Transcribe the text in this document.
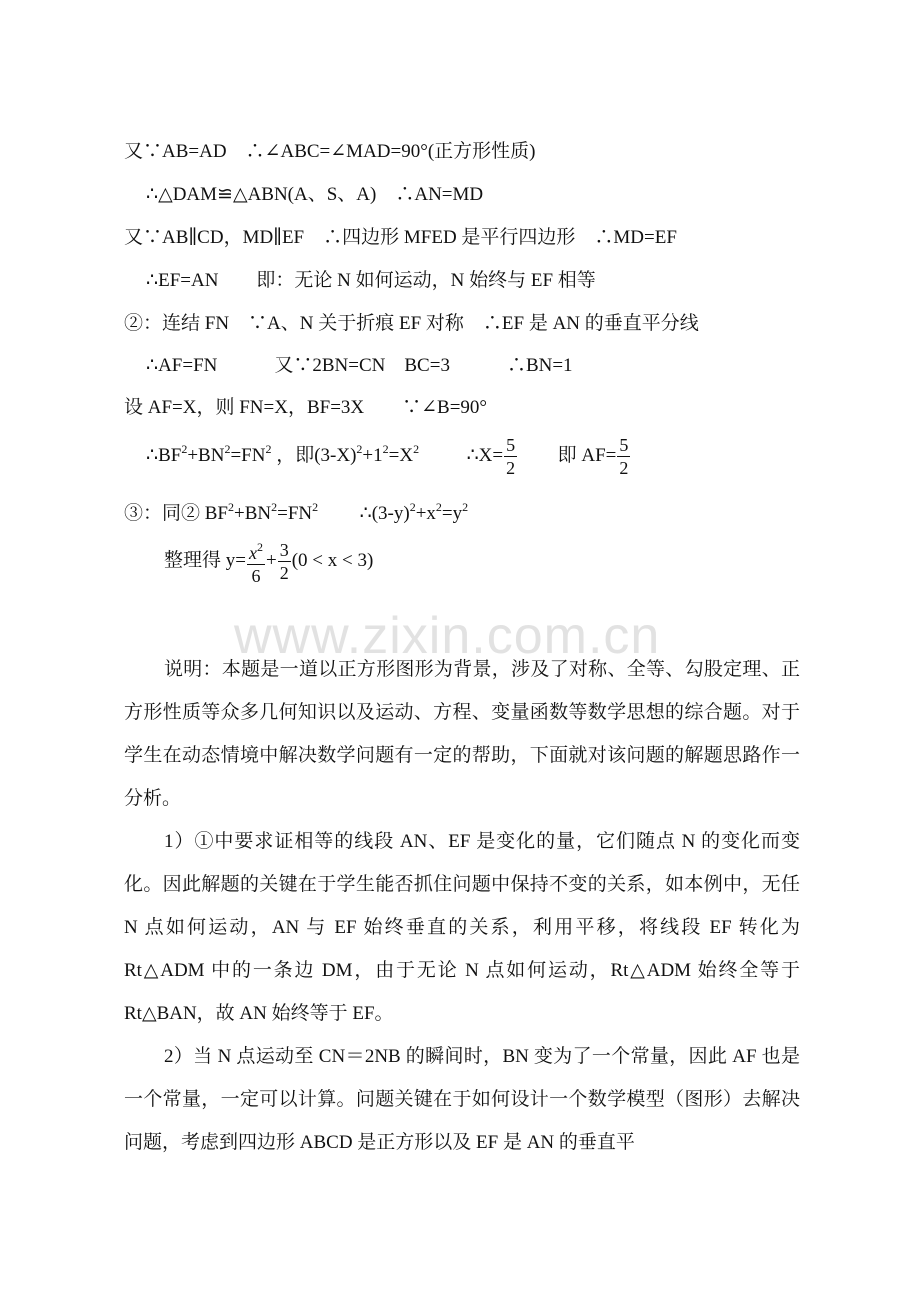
又∵AB=AD　∴∠ABC=∠MAD=90°(正方形性质)
∴△DAM≌△ABN(A、S、A)　∴AN=MD
又∵AB∥CD，MD∥EF　∴四边形 MFED 是平行四边形　∴MD=EF
∴EF=AN　　即：无论 N 如何运动，N 始终与 EF 相等
②：连结 FN　∵A、N 关于折痕 EF 对称　∴EF 是 AN 的垂直平分线
∴AF=FN　　　又∵2BN=CN　BC=3　　　∴BN=1
设 AF=X，则 FN=X，BF=3X　　∵∠B=90°
$\therefore BF^2+BN^2=FN^2$ ，即$(3-X)^2+1^2=X^2$	∴X= $\frac{5}{2}$ 即 $AF= \frac{5}{2}$
③：同② $BF^2+BN^2=FN^2$ $\therefore(3-y)^2+x^2=y^2$
整理得 $y= \frac{x^2}{6} + \frac{3}{2} (0 < x < 3)$
www.zixin.com.cn
说明：本题是一道以正方形图形为背景，涉及了对称、全等、勾股定理、正方形性质等众多几何知识以及运动、方程、变量函数等数学思想的综合题。对于学生在动态情境中解决数学问题有一定的帮助，下面就对该问题的解题思路作一分析。
1）①中要求证相等的线段 AN、EF 是变化的量，它们随点 N 的变化而变化。因此解题的关键在于学生能否抓住问题中保持不变的关系，如本例中，无任 N 点如何运动，AN 与 EF 始终垂直的关系，利用平移，将线段 EF 转化为 Rt△ADM 中的一条边 DM，由于无论 N 点如何运动，Rt△ADM 始终全等于 Rt△BAN，故 AN 始终等于 EF。
2）当 N 点运动至 CN＝2NB 的瞬间时，BN 变为了一个常量，因此 AF 也是一个常量，一定可以计算。问题关键在于如何设计一个数学模型（图形）去解决问题，考虑到四边形 ABCD 是正方形以及 EF 是 AN 的垂直平
